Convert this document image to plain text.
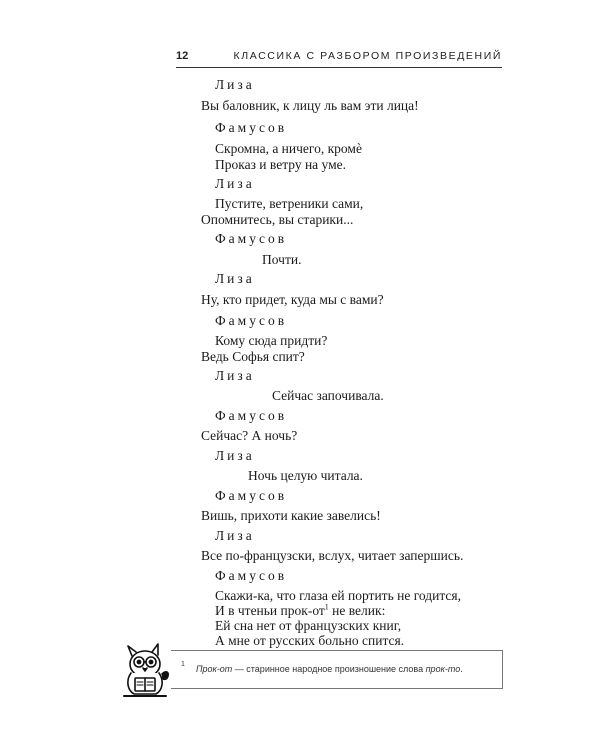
12	КЛАССИКА С РАЗБОРОМ ПРОИЗВЕДЕНИЙ
Лиза
Вы баловник, к лицу ль вам эти лица!
Фамусов
Скромна, а ничего, кромѐ
Проказ и ветру на уме.
Лиза
Пустите, ветреники сами,
Опомнитесь, вы старики...
Фамусов
Почти.
Лиза
Ну, кто придет, куда мы с вами?
Фамусов
Кому сюда придти?
Ведь Софья спит?
Лиза
Сейчас започивала.
Фамусов
Сейчас? А ночь?
Лиза
Ночь целую читала.
Фамусов
Вишь, прихоти какие завелись!
Лиза
Все по-французски, вслух, читает запершись.
Фамусов
Скажи-ка, что глаза ей портить не годится,
И в чтеньи прок-$от^1$ не велик:
Ей сна нет от французских книг,
А мне от русских больно спится.
1 Прок-от — старинное народное произношение слова прок-то.
